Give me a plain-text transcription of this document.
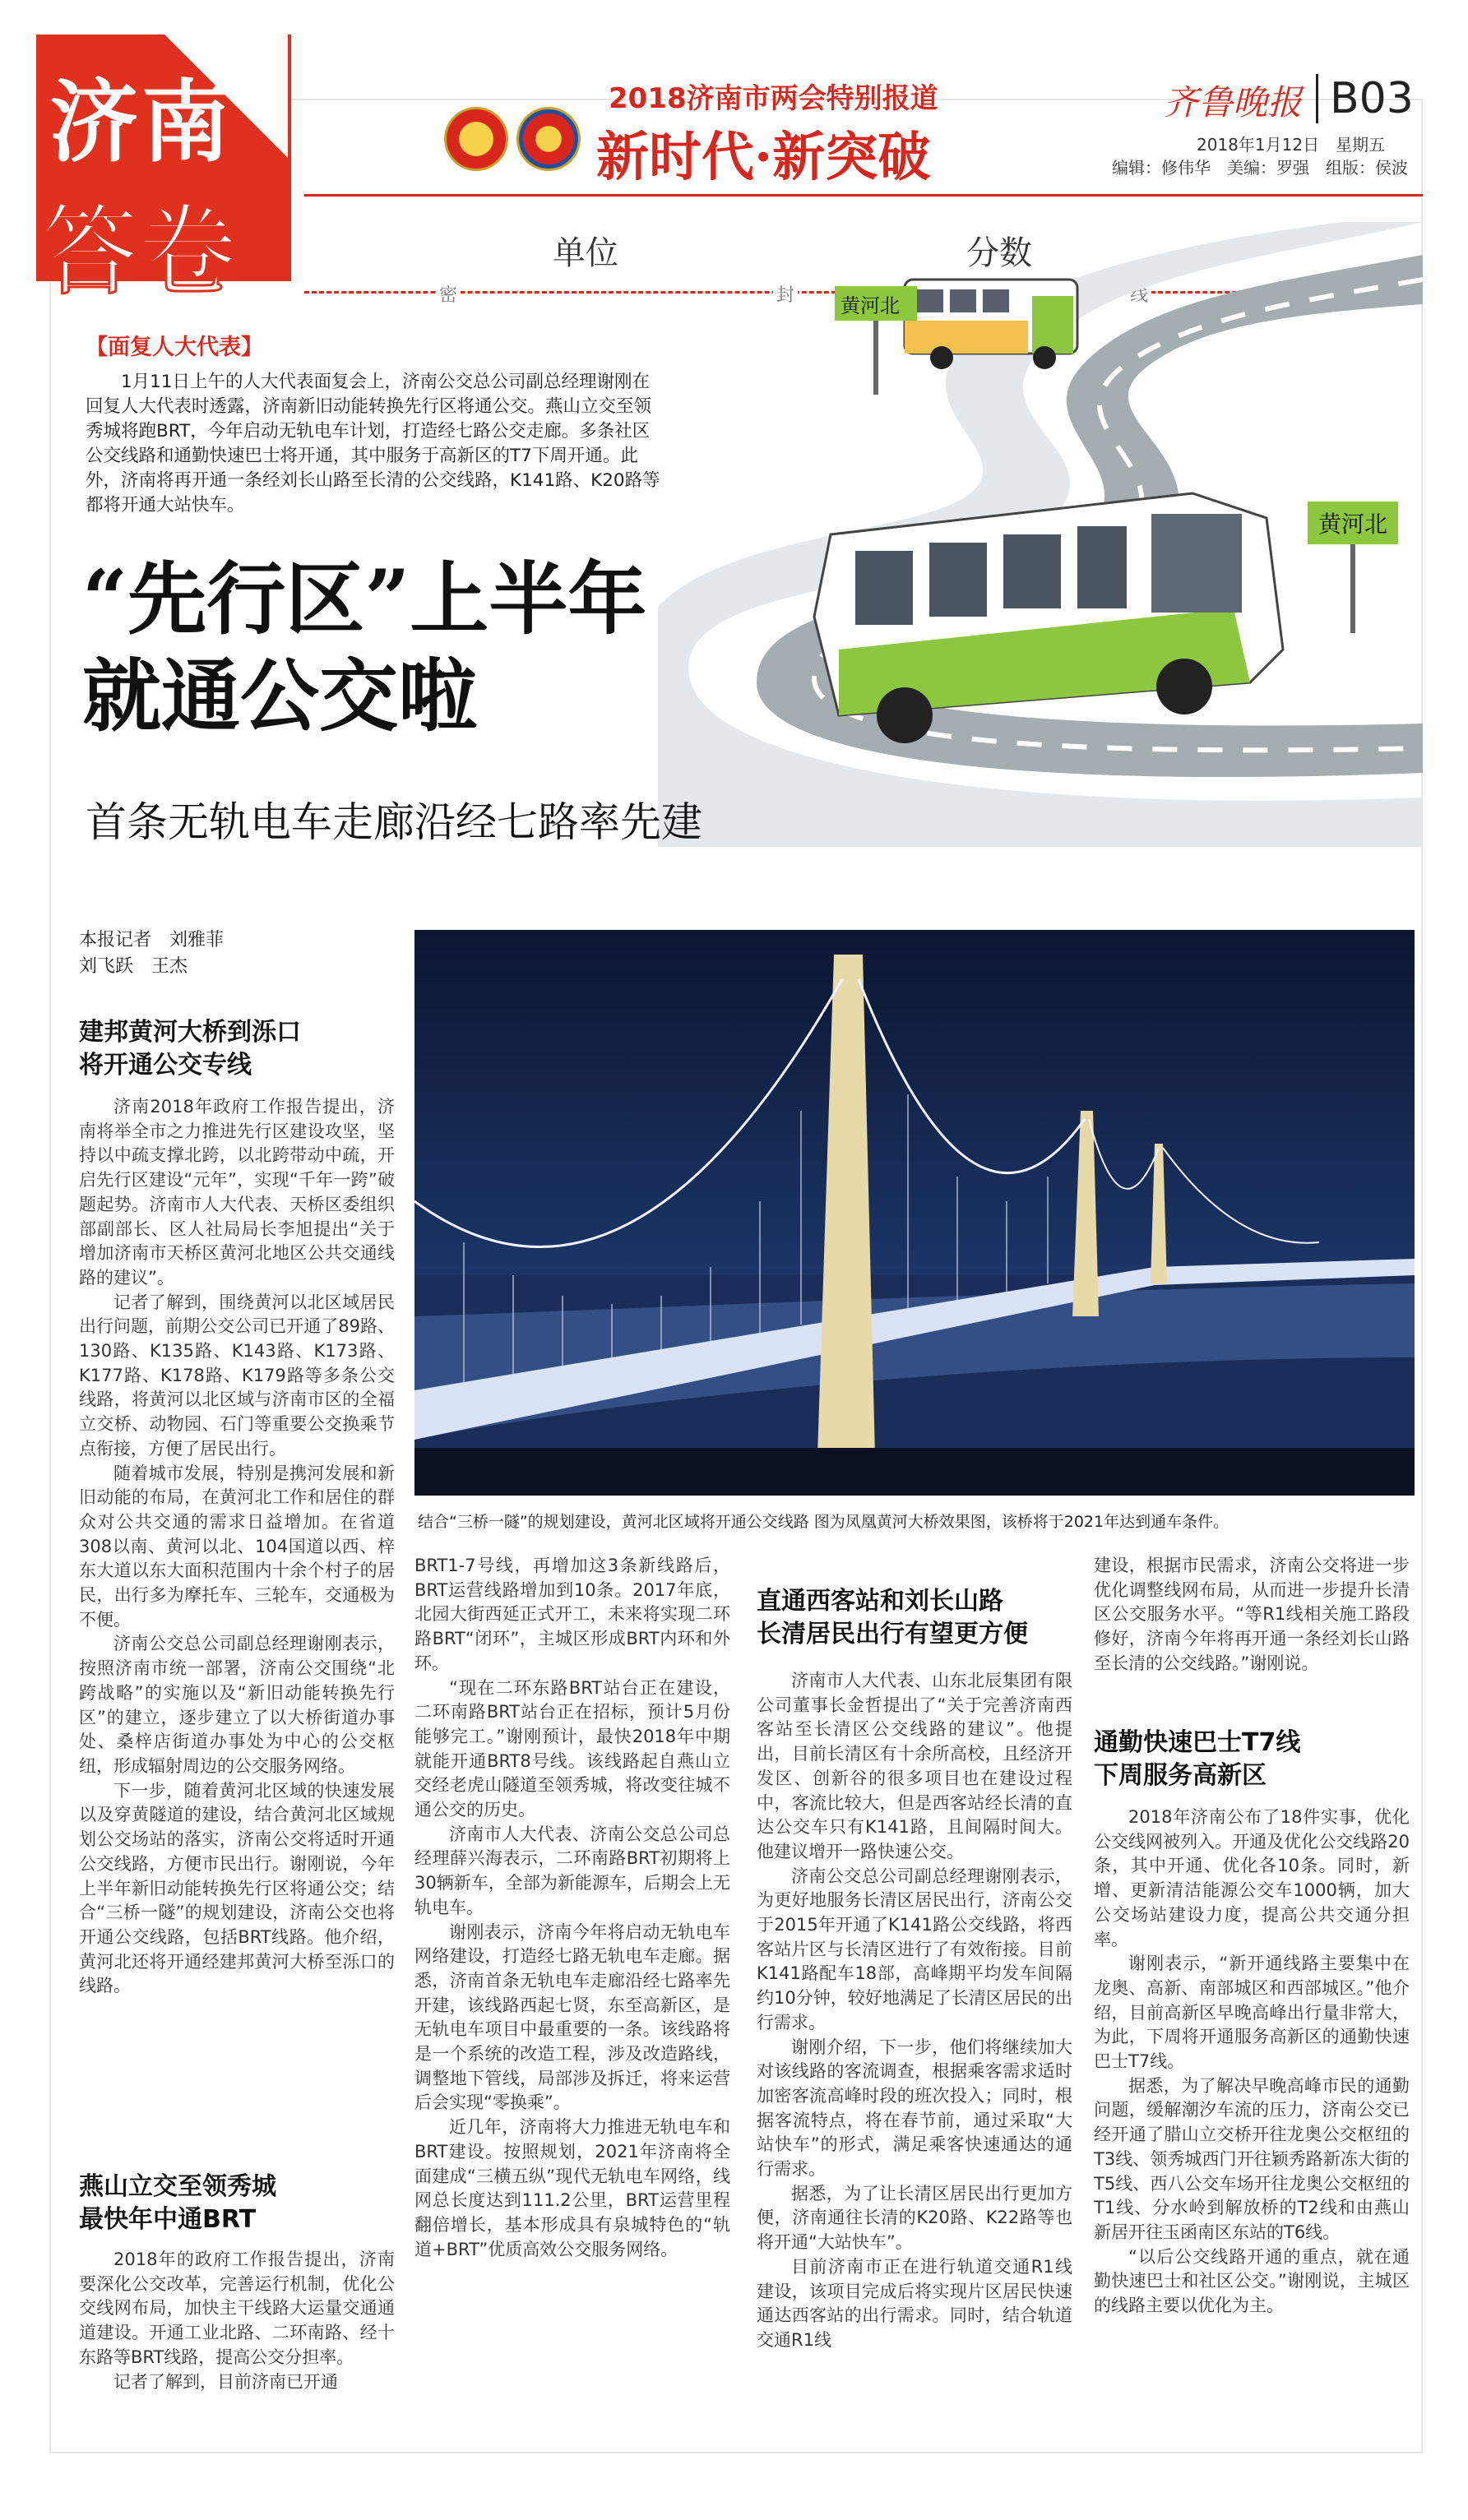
济南
答卷
2018济南市两会特别报道
新时代·新突破
齐鲁晚报 B03
2018年1月12日　星期五
编辑：修伟华　美编：罗强　组版：侯波
单位	分数
密	封	线
黄河北
黄河北
【面复人大代表】
1月11日上午的人大代表面复会上，济南公交总公司副总经理谢刚在回复人大代表时透露，济南新旧动能转换先行区将通公交。燕山立交至领秀城将跑BRT，今年启动无轨电车计划，打造经七路公交走廊。多条社区公交线路和通勤快速巴士将开通，其中服务于高新区的T7下周开通。此外，济南将再开通一条经刘长山路至长清的公交线路，K141路、K20路等都将开通大站快车。
“先行区”上半年
就通公交啦
首条无轨电车走廊沿经七路率先建
本报记者　刘雅菲
刘飞跃　王杰
建邦黄河大桥到泺口
将开通公交专线

济南2018年政府工作报告提出，济南将举全市之力推进先行区建设攻坚，坚持以中疏支撑北跨，以北跨带动中疏，开启先行区建设“元年”，实现“千年一跨”破题起势。济南市人大代表、天桥区委组织部副部长、区人社局局长李旭提出“关于增加济南市天桥区黄河北地区公共交通线路的建议”。

记者了解到，围绕黄河以北区域居民出行问题，前期公交公司已开通了89路、130路、K135路、K143路、K173路、K177路、K178路、K179路等多条公交线路，将黄河以北区域与济南市区的全福立交桥、动物园、石门等重要公交换乘节点衔接，方便了居民出行。

随着城市发展，特别是携河发展和新旧动能的布局，在黄河北工作和居住的群众对公共交通的需求日益增加。在省道308以南、黄河以北、104国道以西、梓东大道以东大面积范围内十余个村子的居民，出行多为摩托车、三轮车，交通极为不便。

济南公交总公司副总经理谢刚表示，按照济南市统一部署，济南公交围绕“北跨战略”的实施以及“新旧动能转换先行区”的建立，逐步建立了以大桥街道办事处、桑梓店街道办事处为中心的公交枢纽，形成辐射周边的公交服务网络。

下一步，随着黄河北区域的快速发展以及穿黄隧道的建设，结合黄河北区域规划公交场站的落实，济南公交将适时开通公交线路，方便市民出行。谢刚说，今年上半年新旧动能转换先行区将通公交；结合“三桥一隧”的规划建设，济南公交也将开通公交线路，包括BRT线路。他介绍，黄河北还将开通经建邦黄河大桥至泺口的线路。

燕山立交至领秀城
最快年中通BRT

2018年的政府工作报告提出，济南要深化公交改革，完善运行机制，优化公交线网布局，加快主干线路大运量交通通道建设。开通工业北路、二环南路、经十东路等BRT线路，提高公交分担率。

记者了解到，目前济南已开通

结合“三桥一隧”的规划建设，黄河北区域将开通公交线路 图为凤凰黄河大桥效果图，该桥将于2021年达到通车条件。

BRT1-7号线，再增加这3条新线路后，BRT运营线路增加到10条。2017年底，北园大街西延正式开工，未来将实现二环路BRT“闭环”，主城区形成BRT内环和外环。

“现在二环东路BRT站台正在建设，二环南路BRT站台正在招标，预计5月份能够完工。”谢刚预计，最快2018年中期就能开通BRT8号线。该线路起自燕山立交经老虎山隧道至领秀城，将改变往城不通公交的历史。

济南市人大代表、济南公交总公司总经理薛兴海表示，二环南路BRT初期将上30辆新车，全部为新能源车，后期会上无轨电车。

谢刚表示，济南今年将启动无轨电车网络建设，打造经七路无轨电车走廊。据悉，济南首条无轨电车走廊沿经七路率先开建，该线路西起七贤，东至高新区，是无轨电车项目中最重要的一条。该线路将是一个系统的改造工程，涉及改造路线，调整地下管线，局部涉及拆迁，将来运营后会实现“零换乘”。

近几年，济南将大力推进无轨电车和BRT建设。按照规划，2021年济南将全面建成“三横五纵”现代无轨电车网络，线网总长度达到111.2公里，BRT运营里程翻倍增长，基本形成具有泉城特色的“轨道+BRT”优质高效公交服务网络。

直通西客站和刘长山路
长清居民出行有望更方便

济南市人大代表、山东北辰集团有限公司董事长金哲提出了“关于完善济南西客站至长清区公交线路的建议”。他提出，目前长清区有十余所高校，且经济开发区、创新谷的很多项目也在建设过程中，客流比较大，但是西客站经长清的直达公交车只有K141路，且间隔时间大。他建议增开一路快速公交。

济南公交总公司副总经理谢刚表示，为更好地服务长清区居民出行，济南公交于2015年开通了K141路公交线路，将西客站片区与长清区进行了有效衔接。目前K141路配车18部，高峰期平均发车间隔约10分钟，较好地满足了长清区居民的出行需求。

谢刚介绍，下一步，他们将继续加大对该线路的客流调查，根据乘客需求适时加密客流高峰时段的班次投入；同时，根据客流特点，将在春节前，通过采取“大站快车”的形式，满足乘客快速通达的通行需求。

据悉，为了让长清区居民出行更加方便，济南通往长清的K20路、K22路等也将开通“大站快车”。

目前济南市正在进行轨道交通R1线建设，该项目完成后将实现片区居民快速通达西客站的出行需求。同时，结合轨道交通R1线

建设，根据市民需求，济南公交将进一步优化调整线网布局，从而进一步提升长清区公交服务水平。“等R1线相关施工路段修好，济南今年将再开通一条经刘长山路至长清的公交线路。”谢刚说。

通勤快速巴士T7线
下周服务高新区

2018年济南公布了18件实事，优化公交线网被列入。开通及优化公交线路20条，其中开通、优化各10条。同时，新增、更新清洁能源公交车1000辆，加大公交场站建设力度，提高公共交通分担率。

谢刚表示，“新开通线路主要集中在龙奥、高新、南部城区和西部城区。”他介绍，目前高新区早晚高峰出行量非常大，为此，下周将开通服务高新区的通勤快速巴士T7线。

据悉，为了解决早晚高峰市民的通勤问题，缓解潮汐车流的压力，济南公交已经开通了腊山立交桥开往龙奥公交枢纽的T3线、领秀城西门开往颖秀路新冻大街的T5线、西八公交车场开往龙奥公交枢纽的T1线、分水岭到解放桥的T2线和由燕山新居开往玉函南区东站的T6线。

“以后公交线路开通的重点，就在通勤快速巴士和社区公交。”谢刚说，主城区的线路主要以优化为主。
